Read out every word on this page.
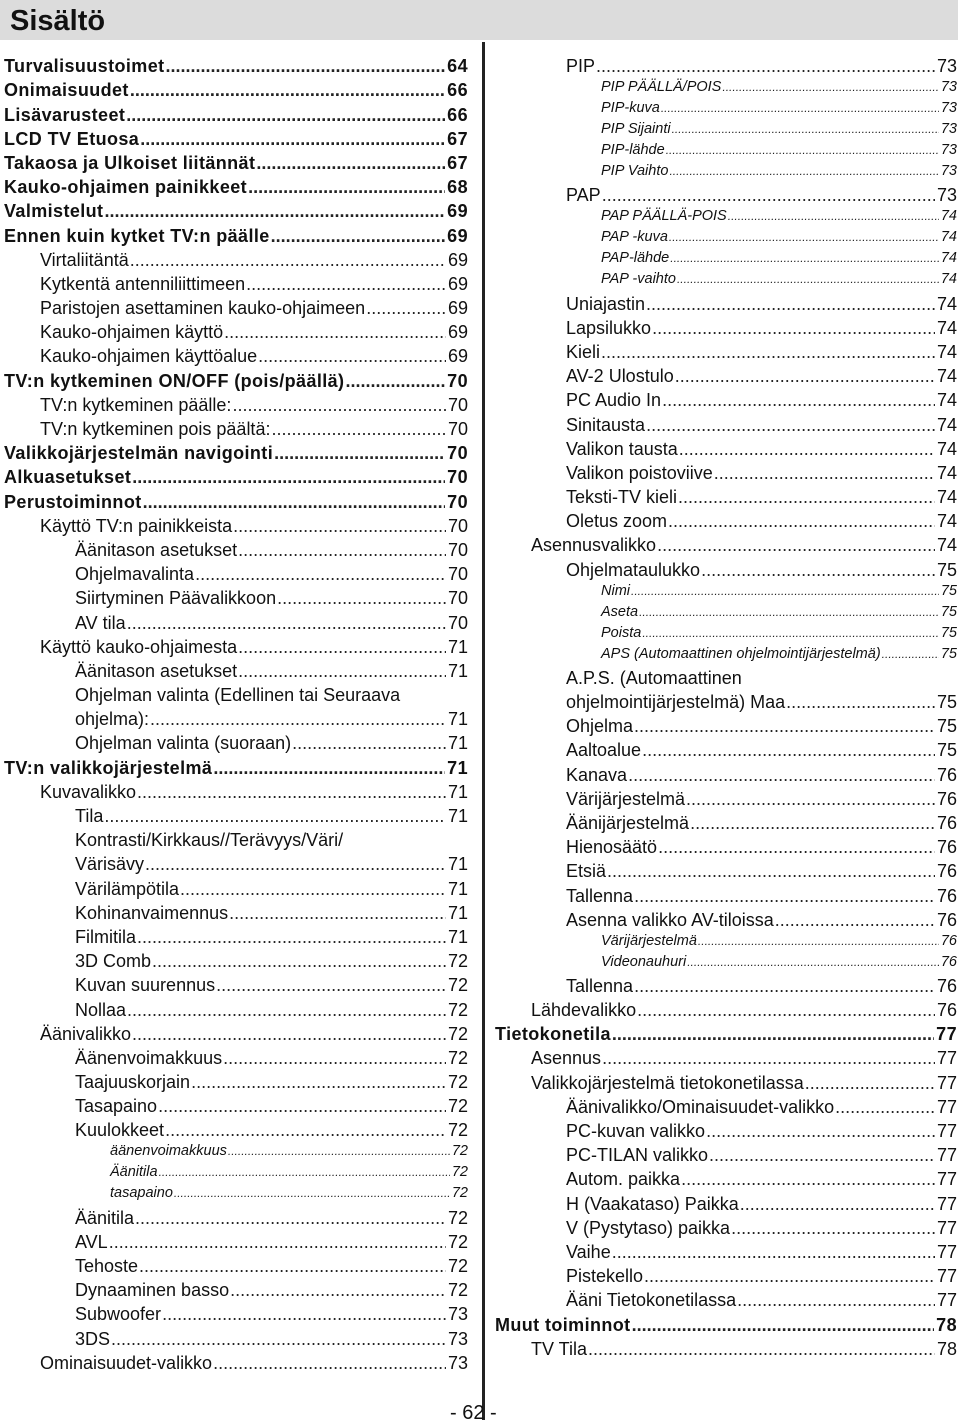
Sisältö
Turvalisuustoimet .....	64
Onimaisuudet .....	66
Lisävarusteet .....	66
LCD TV Etuosa .....	67
Takaosa ja Ulkoiset liitännät .....	67
Kauko-ohjaimen painikkeet .....	68
Valmistelut .....	69
Ennen kuin kytket TV:n päälle .....	69
Virtaliitäntä .....	69
Kytkentä antenniliittimeen .....	69
Paristojen asettaminen kauko-ohjaimeen .....	69
Kauko-ohjaimen käyttö .....	69
Kauko-ohjaimen käyttöalue .....	69
TV:n kytkeminen ON/OFF (pois/päällä) .....	70
TV:n kytkeminen päälle: .....	70
TV:n kytkeminen pois päältä: .....	70
Valikkojärjestelmän navigointi .....	70
Alkuasetukset .....	70
Perustoiminnot .....	70
Käyttö TV:n painikkeista .....	70
Äänitason asetukset .....	70
Ohjelmavalinta .....	70
Siirtyminen Päävalikkoon .....	70
AV tila .....	70
Käyttö kauko-ohjaimesta .....	71
Äänitason asetukset .....	71
Ohjelman valinta (Edellinen tai Seuraava
ohjelma): .....	71
Ohjelman valinta (suoraan) .....	71
TV:n valikkojärjestelmä .....	71
Kuvavalikko .....	71
Tila .....	71
Kontrasti/Kirkkaus//Terävyys/Väri/
Värisävy .....	71
Värilämpötila .....	71
Kohinanvaimennus .....	71
Filmitila .....	71
3D Comb .....	72
Kuvan suurennus .....	72
Nollaa .....	72
Äänivalikko .....	72
Äänenvoimakkuus .....	72
Taajuuskorjain .....	72
Tasapaino .....	72
Kuulokkeet .....	72
äänenvoimakkuus .....	72
Äänitila .....	72
tasapaino .....	72
Äänitila .....	72
AVL .....	72
Tehoste .....	72
Dynaaminen basso .....	72
Subwoofer .....	73
3DS .....	73
Ominaisuudet-valikko .....	73
PIP .....	73
PIP PÄÄLLÄ/POIS .....	73
PIP-kuva .....	73
PIP Sijainti .....	73
PIP-lähde .....	73
PIP Vaihto .....	73
PAP .....	73
PAP PÄÄLLÄ-POIS .....	74
PAP -kuva .....	74
PAP-lähde .....	74
PAP -vaihto .....	74
Uniajastin .....	74
Lapsilukko .....	74
Kieli .....	74
AV-2 Ulostulo .....	74
PC Audio In .....	74
Sinitausta .....	74
Valikon tausta .....	74
Valikon poistoviive .....	74
Teksti-TV kieli .....	74
Oletus zoom .....	74
Asennusvalikko .....	74
Ohjelmataulukko .....	75
Nimi .....	75
Aseta .....	75
Poista .....	75
APS (Automaattinen ohjelmointijärjestelmä) .....	75
A.P.S. (Automaattinen
ohjelmointijärjestelmä) Maa .....	75
Ohjelma .....	75
Aaltoalue .....	75
Kanava .....	76
Värijärjestelmä .....	76
Äänijärjestelmä .....	76
Hienosäätö .....	76
Etsiä .....	76
Tallenna .....	76
Asenna valikko AV-tiloissa .....	76
Värijärjestelmä .....	76
Videonauhuri .....	76
Tallenna .....	76
Lähdevalikko .....	76
Tietokonetila .....	77
Asennus .....	77
Valikkojärjestelmä tietokonetilassa .....	77
Äänivalikko/Ominaisuudet-valikko .....	77
PC-kuvan valikko .....	77
PC-TILAN valikko .....	77
Autom. paikka .....	77
H (Vaakataso) Paikka .....	77
V (Pystytaso) paikka .....	77
Vaihe .....	77
Pistekello .....	77
Ääni Tietokonetilassa .....	77
Muut toiminnot .....	78
TV Tila .....	78
- 62 -
